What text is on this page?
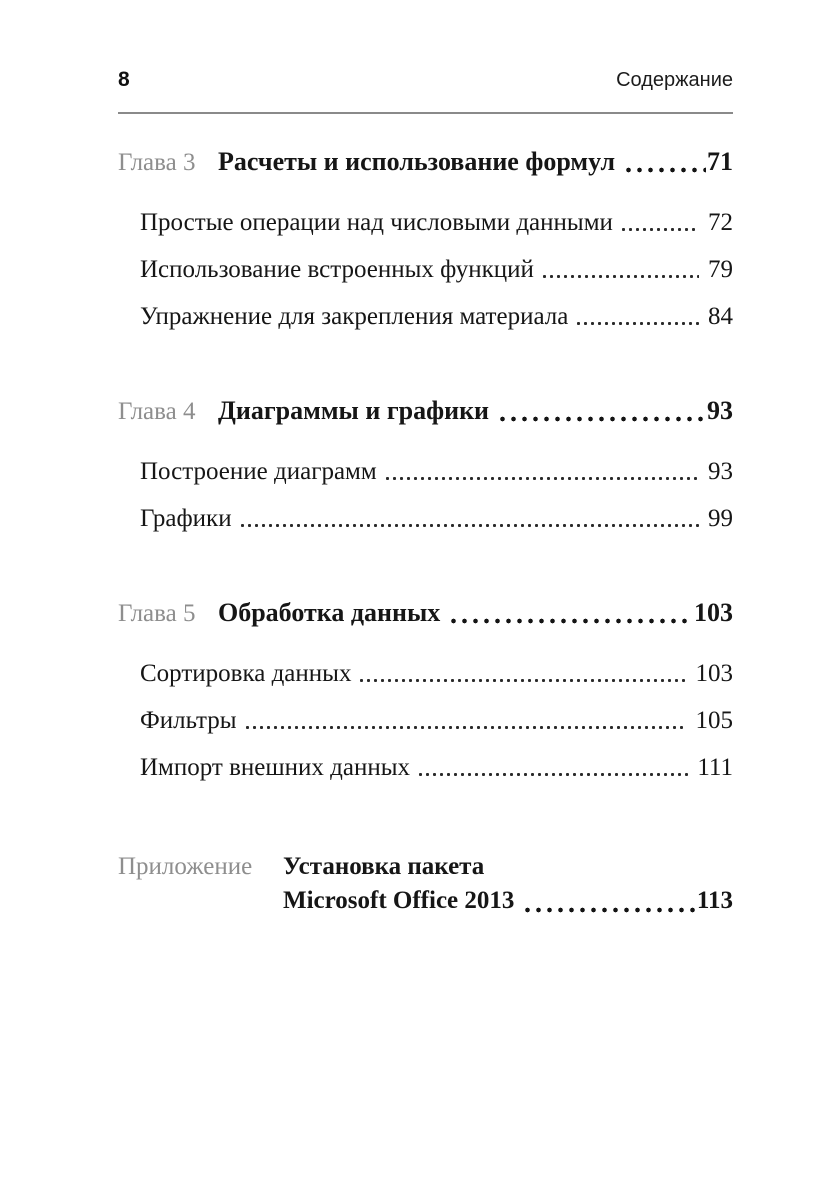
8	Содержание
Глава 3 Расчеты и использование формул	71
Простые операции над числовыми данными	72
Использование встроенных функций	79
Упражнение для закрепления материала	84
Глава 4 Диаграммы и графики	93
Построение диаграмм	93
Графики	99
Глава 5 Обработка данных	103
Сортировка данных	103
Фильтры	105
Импорт внешних данных	111
Приложение	Установка пакета
Microsoft Office 2013	113
